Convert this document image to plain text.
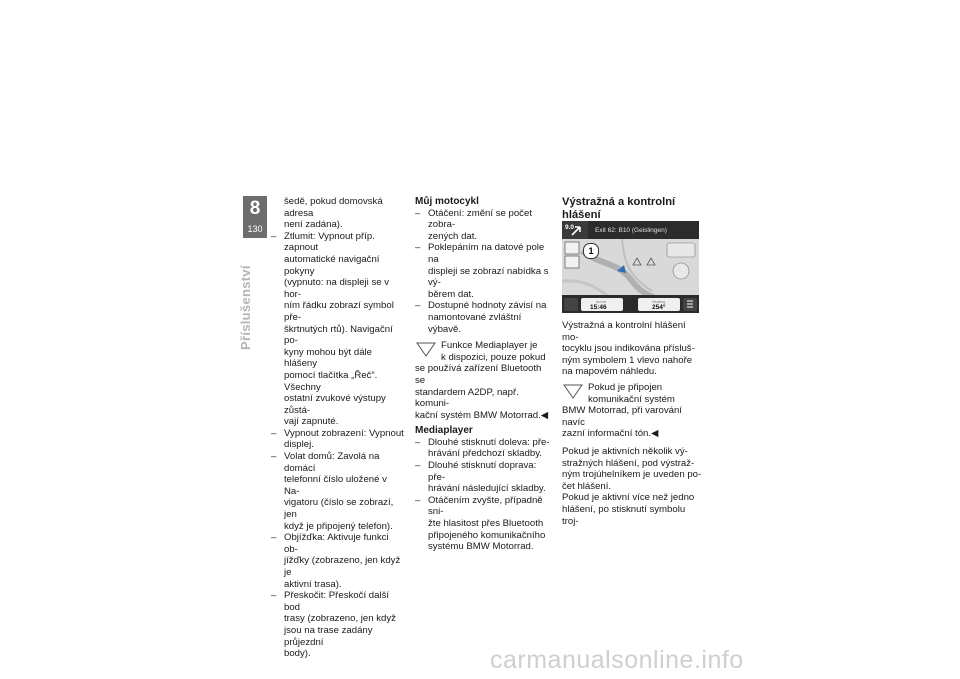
8
130
Příslušenství

šedě, pokud domovská adresa

není zadána).

– Ztlumit: Vypnout příp. zapnout

automatické navigační pokyny

(vypnuto: na displeji se v hor-

ním řádku zobrazí symbol pře-

škrtnutých rtů). Navigační po-

kyny mohou být dále hlášeny

pomocí tlačítka „Řeč“. Všechny

ostatní zvukové výstupy zůstá-

vají zapnuté.

– Vypnout zobrazení: Vypnout

displej.

– Volat domů: Zavolá na domácí

telefonní číslo uložené v Na-

vigatoru (číslo se zobrazí, jen

když je připojený telefon).

– Objížďka: Aktivuje funkci ob-

jížďky (zobrazeno, jen když je

aktivní trasa).

– Přeskočit: Přeskočí další bod

trasy (zobrazeno, jen když

jsou na trase zadány průjezdní

body).

Můj motocykl

– Otáčení: změní se počet zobra-

zených dat.

– Poklepáním na datové pole na

displeji se zobrazí nabídka s vý-

běrem dat.

– Dostupné hodnoty závisí na

namontované zvláštní výbavě.

Funkce Mediaplayer je

k dispozici, pouze pokud

se používá zařízení Bluetooth se

standardem A2DP, např. komuni-

kační systém BMW Motorrad.◀

Mediaplayer

– Dlouhé stisknutí doleva: pře-

hrávání předchozí skladby.

– Dlouhé stisknutí doprava: pře-

hrávání následující skladby.

– Otáčením zvyšte, případně sni-

žte hlasitost přes Bluetooth

připojeného komunikačního

systému BMW Motorrad.

Výstražná a kontrolní
hlášení

9.0	Exit 62: B10 (Geislingen)
1
Arrival
15:46
Heading
254°

Výstražná a kontrolní hlášení mo-

tocyklu jsou indikována přísluš-

ným symbolem 1 vlevo nahoře

na mapovém náhledu.

Pokud je připojen

komunikační systém

BMW Motorrad, při varování navíc

zazní informační tón.◀

Pokud je aktivních několik vý-

stražných hlášení, pod výstraž-

ným trojúhelníkem je uveden po-

čet hlášení.

Pokud je aktivní více než jedno

hlášení, po stisknutí symbolu troj-

carmanualsonline.info
